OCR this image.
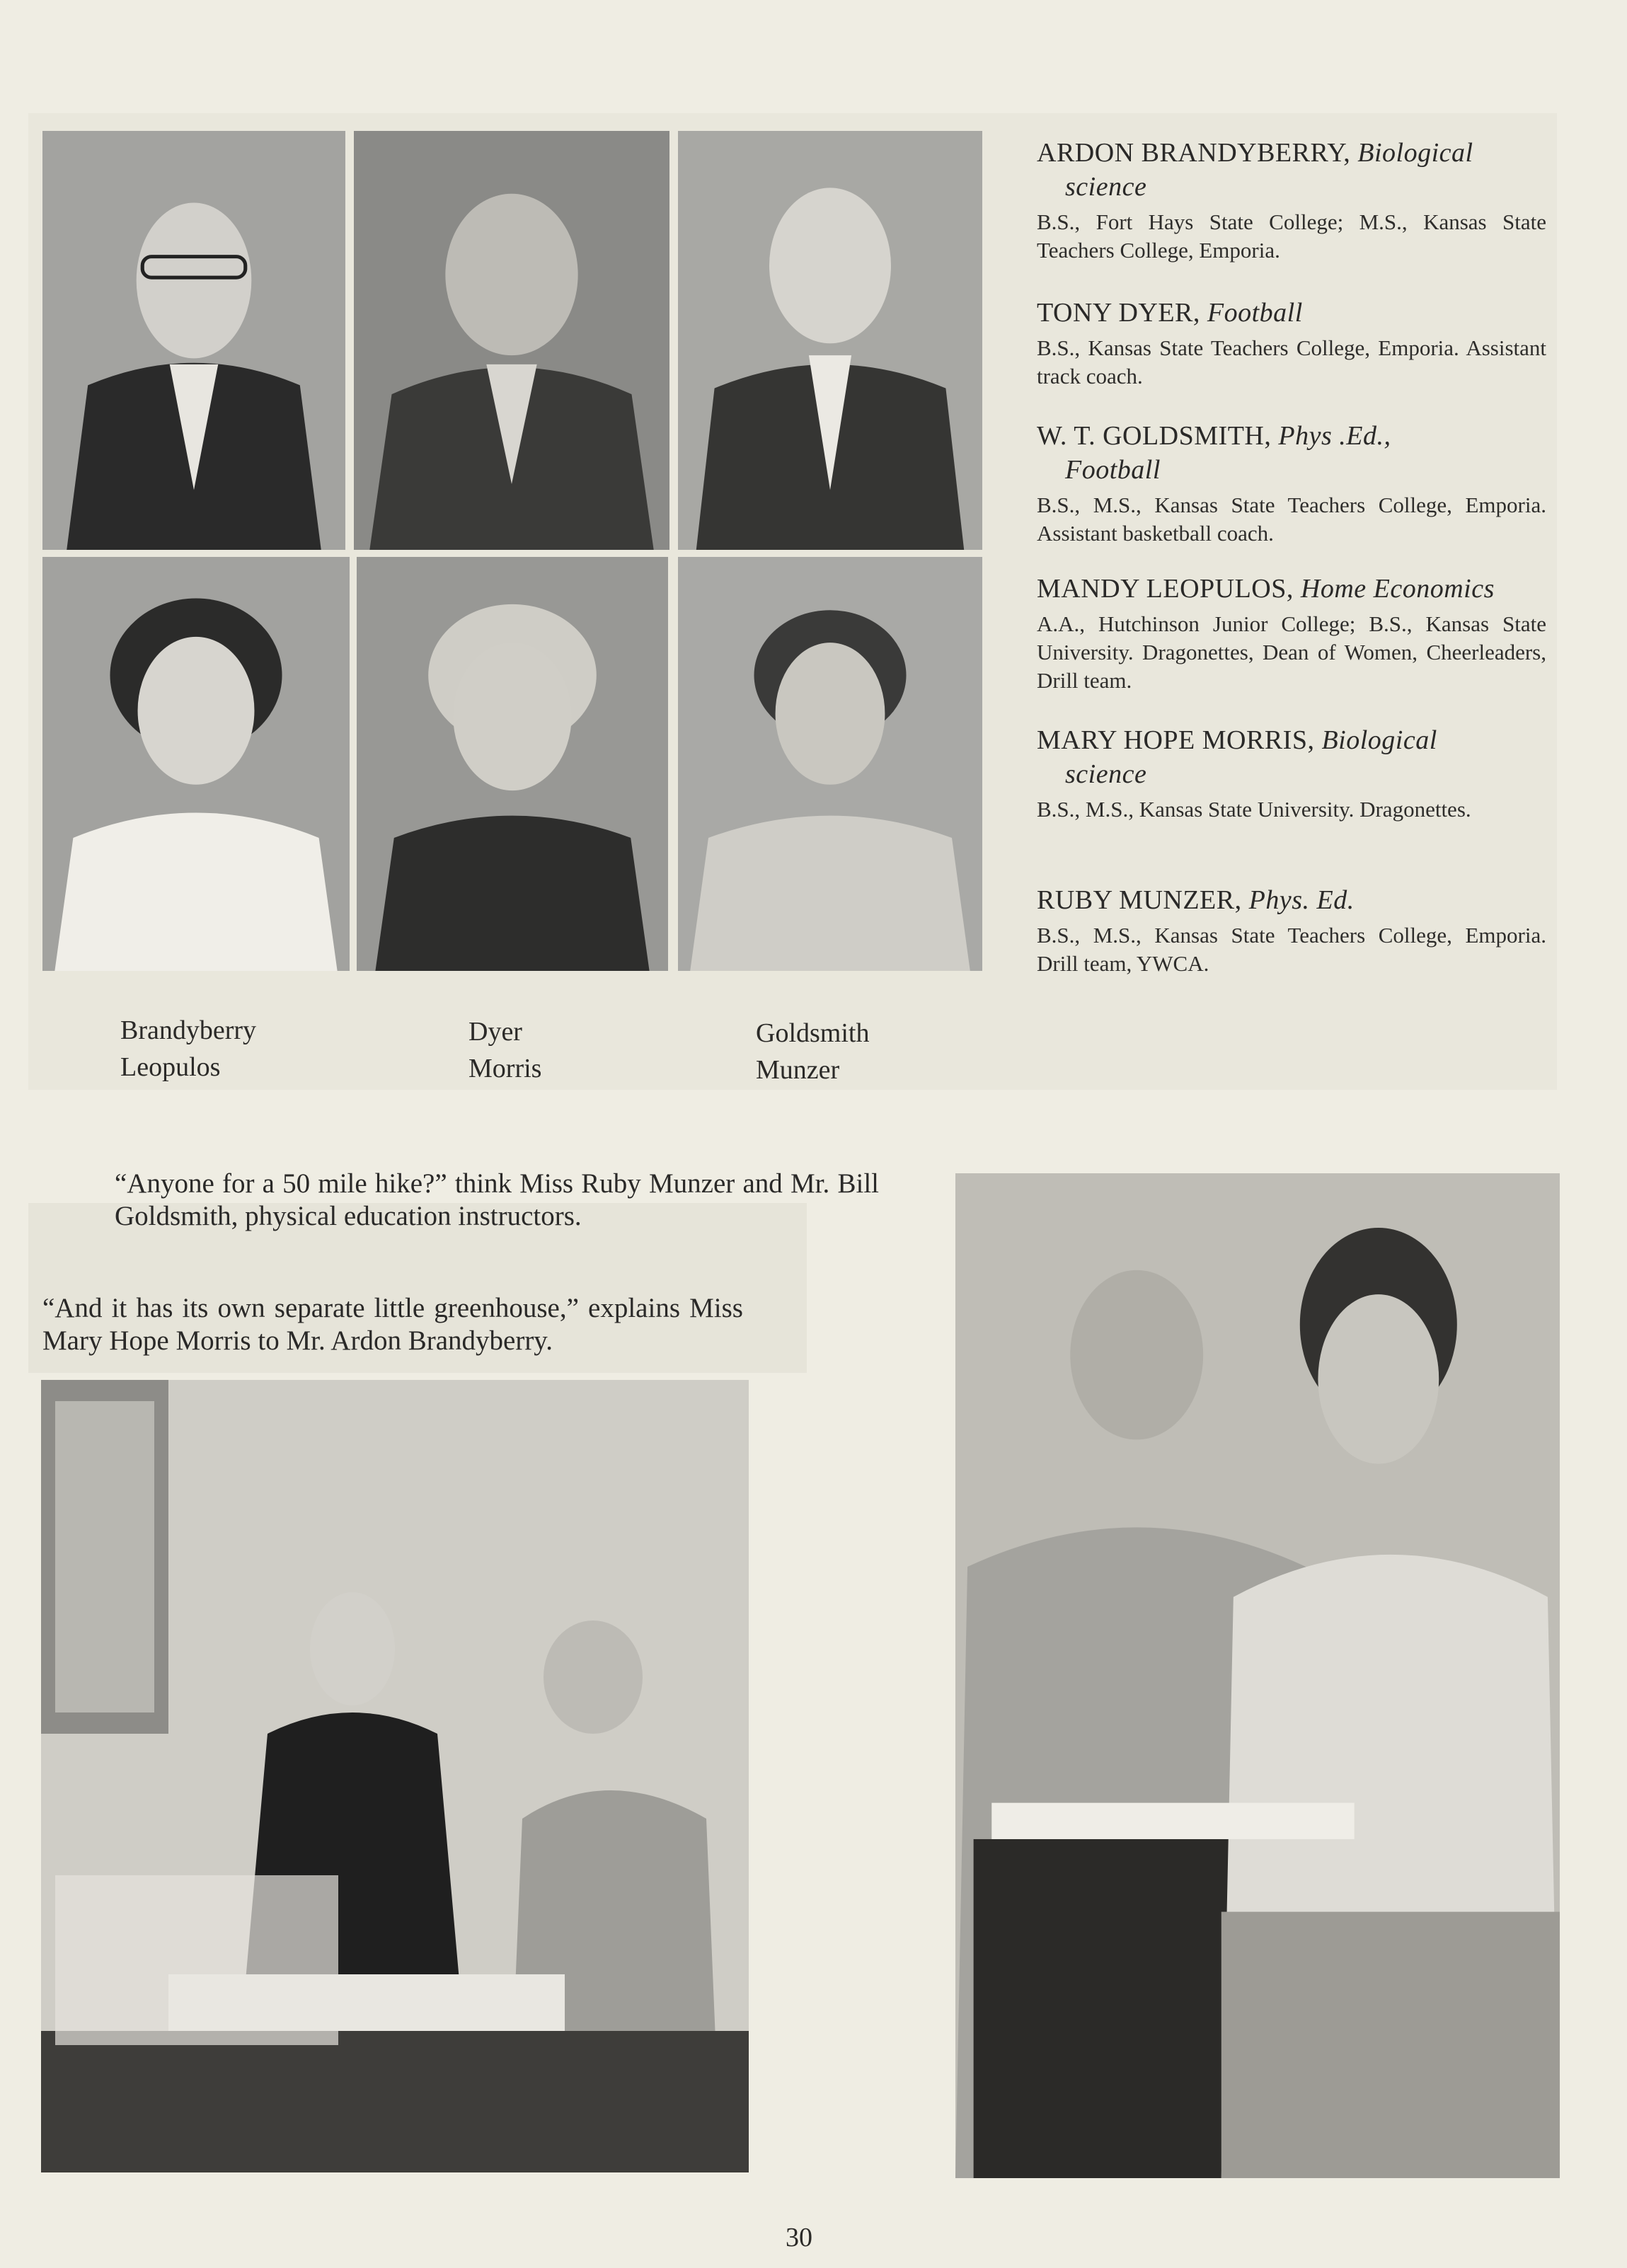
ARDON BRANDYBERRY, Biological
science
B.S., Fort Hays State College; M.S., Kansas State Teachers College, Emporia.
TONY DYER, Football
B.S., Kansas State Teachers College, Emporia. Assistant track coach.
W. T. GOLDSMITH, Phys .Ed.,
Football
B.S., M.S., Kansas State Teachers College, Emporia. Assistant basketball coach.
MANDY LEOPULOS, Home Economics
A.A., Hutchinson Junior College; B.S., Kansas State University. Dragonettes, Dean of Women, Cheerleaders, Drill team.
MARY HOPE MORRIS, Biological
science
B.S., M.S., Kansas State University. Dragonettes.
RUBY MUNZER, Phys. Ed.
B.S., M.S., Kansas State Teachers College, Emporia. Drill team, YWCA.
Brandyberry
Leopulos
Dyer
Morris
Goldsmith
Munzer
“Anyone for a 50 mile hike?” think Miss Ruby Munzer and Mr. Bill Goldsmith, physical education instructors.
“And it has its own separate little greenhouse,” explains Miss Mary Hope Morris to Mr. Ardon Brandyberry.
30
